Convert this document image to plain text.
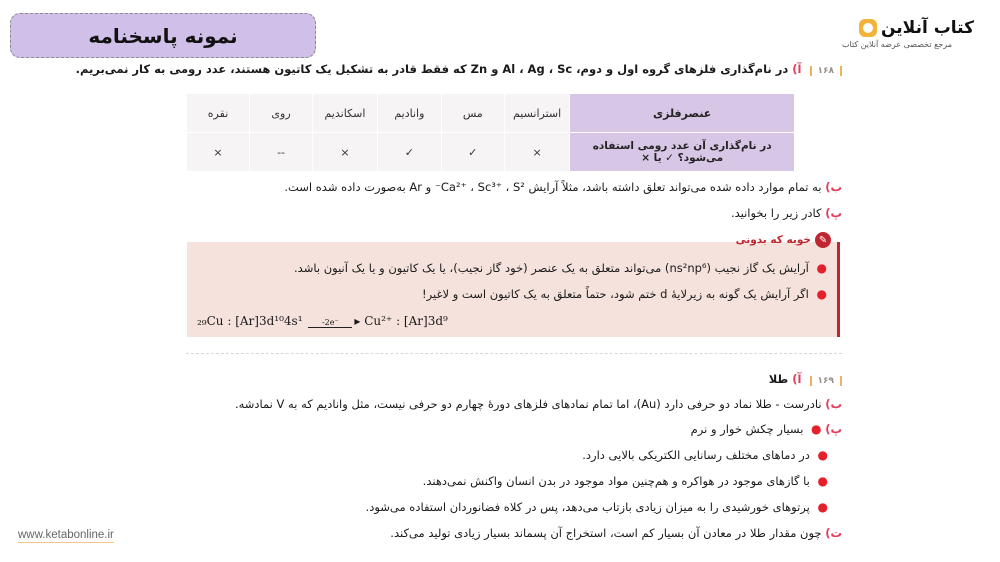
نمونه پاسخنامه	کتاب آنلاین
مرجع تخصصی عرضه آنلاین کتاب
۱۶۸ آ) در نام‌گذاری فلزهای گروه اول و دوم، Al ، Ag ، Sc و Zn که فقط قادر به تشکیل یک کاتیون هستند، عدد رومی به کار نمی‌بریم.
عنصرفلزی	استرانسیم	مس	وانادیم	اسکاندیم	روی	نقره
در نام‌گذاری آن عدد رومی استفاده می‌شود؟ ✓ یا ×	×	✓	✓	×	--	×
ب) به تمام موارد داده شده می‌تواند تعلق داشته باشد، مثلاً آرایش Ca²⁺ ، Sc³⁺ ، S²⁻ و Ar به‌صورت داده شده است.
پ) کادر زیر را بخوانید.
✎
خوبه که بدونی
● آرایش یک گاز نجیب (ns²np⁶) می‌تواند متعلق به یک عنصر (خود گاز نجیب)، یا یک کاتیون و یا یک آنیون باشد.
● اگر آرایش یک گونه به زیرلایهٔ d ختم شود، حتماً متعلق به یک کاتیون است و لاغیر!
₂₉Cu : [Ar]3d¹⁰4s¹ -2e⁻ ▸ Cu²⁺ : [Ar]3d⁹
۱۶۹ آ) طلا
ب) نادرست - طلا نماد دو حرفی دارد (Au)، اما تمام نمادهای فلزهای دورهٔ چهارم دو حرفی نیست، مثل وانادیم که به V نمادشه.
پ) ● بسیار چکش خوار و نرم
● در دماهای مختلف رسانایی الکتریکی بالایی دارد.
● با گازهای موجود در هواکره و هم‌چنین مواد موجود در بدن انسان واکنش نمی‌دهند.
● پرتوهای خورشیدی را به میزان زیادی بازتاب می‌دهد، پس در کلاه فضانوردان استفاده می‌شود.
ت) چون مقدار طلا در معادن آن بسیار کم است، استخراج آن پسماند بسیار زیادی تولید می‌کند.
www.ketabonline.ir
